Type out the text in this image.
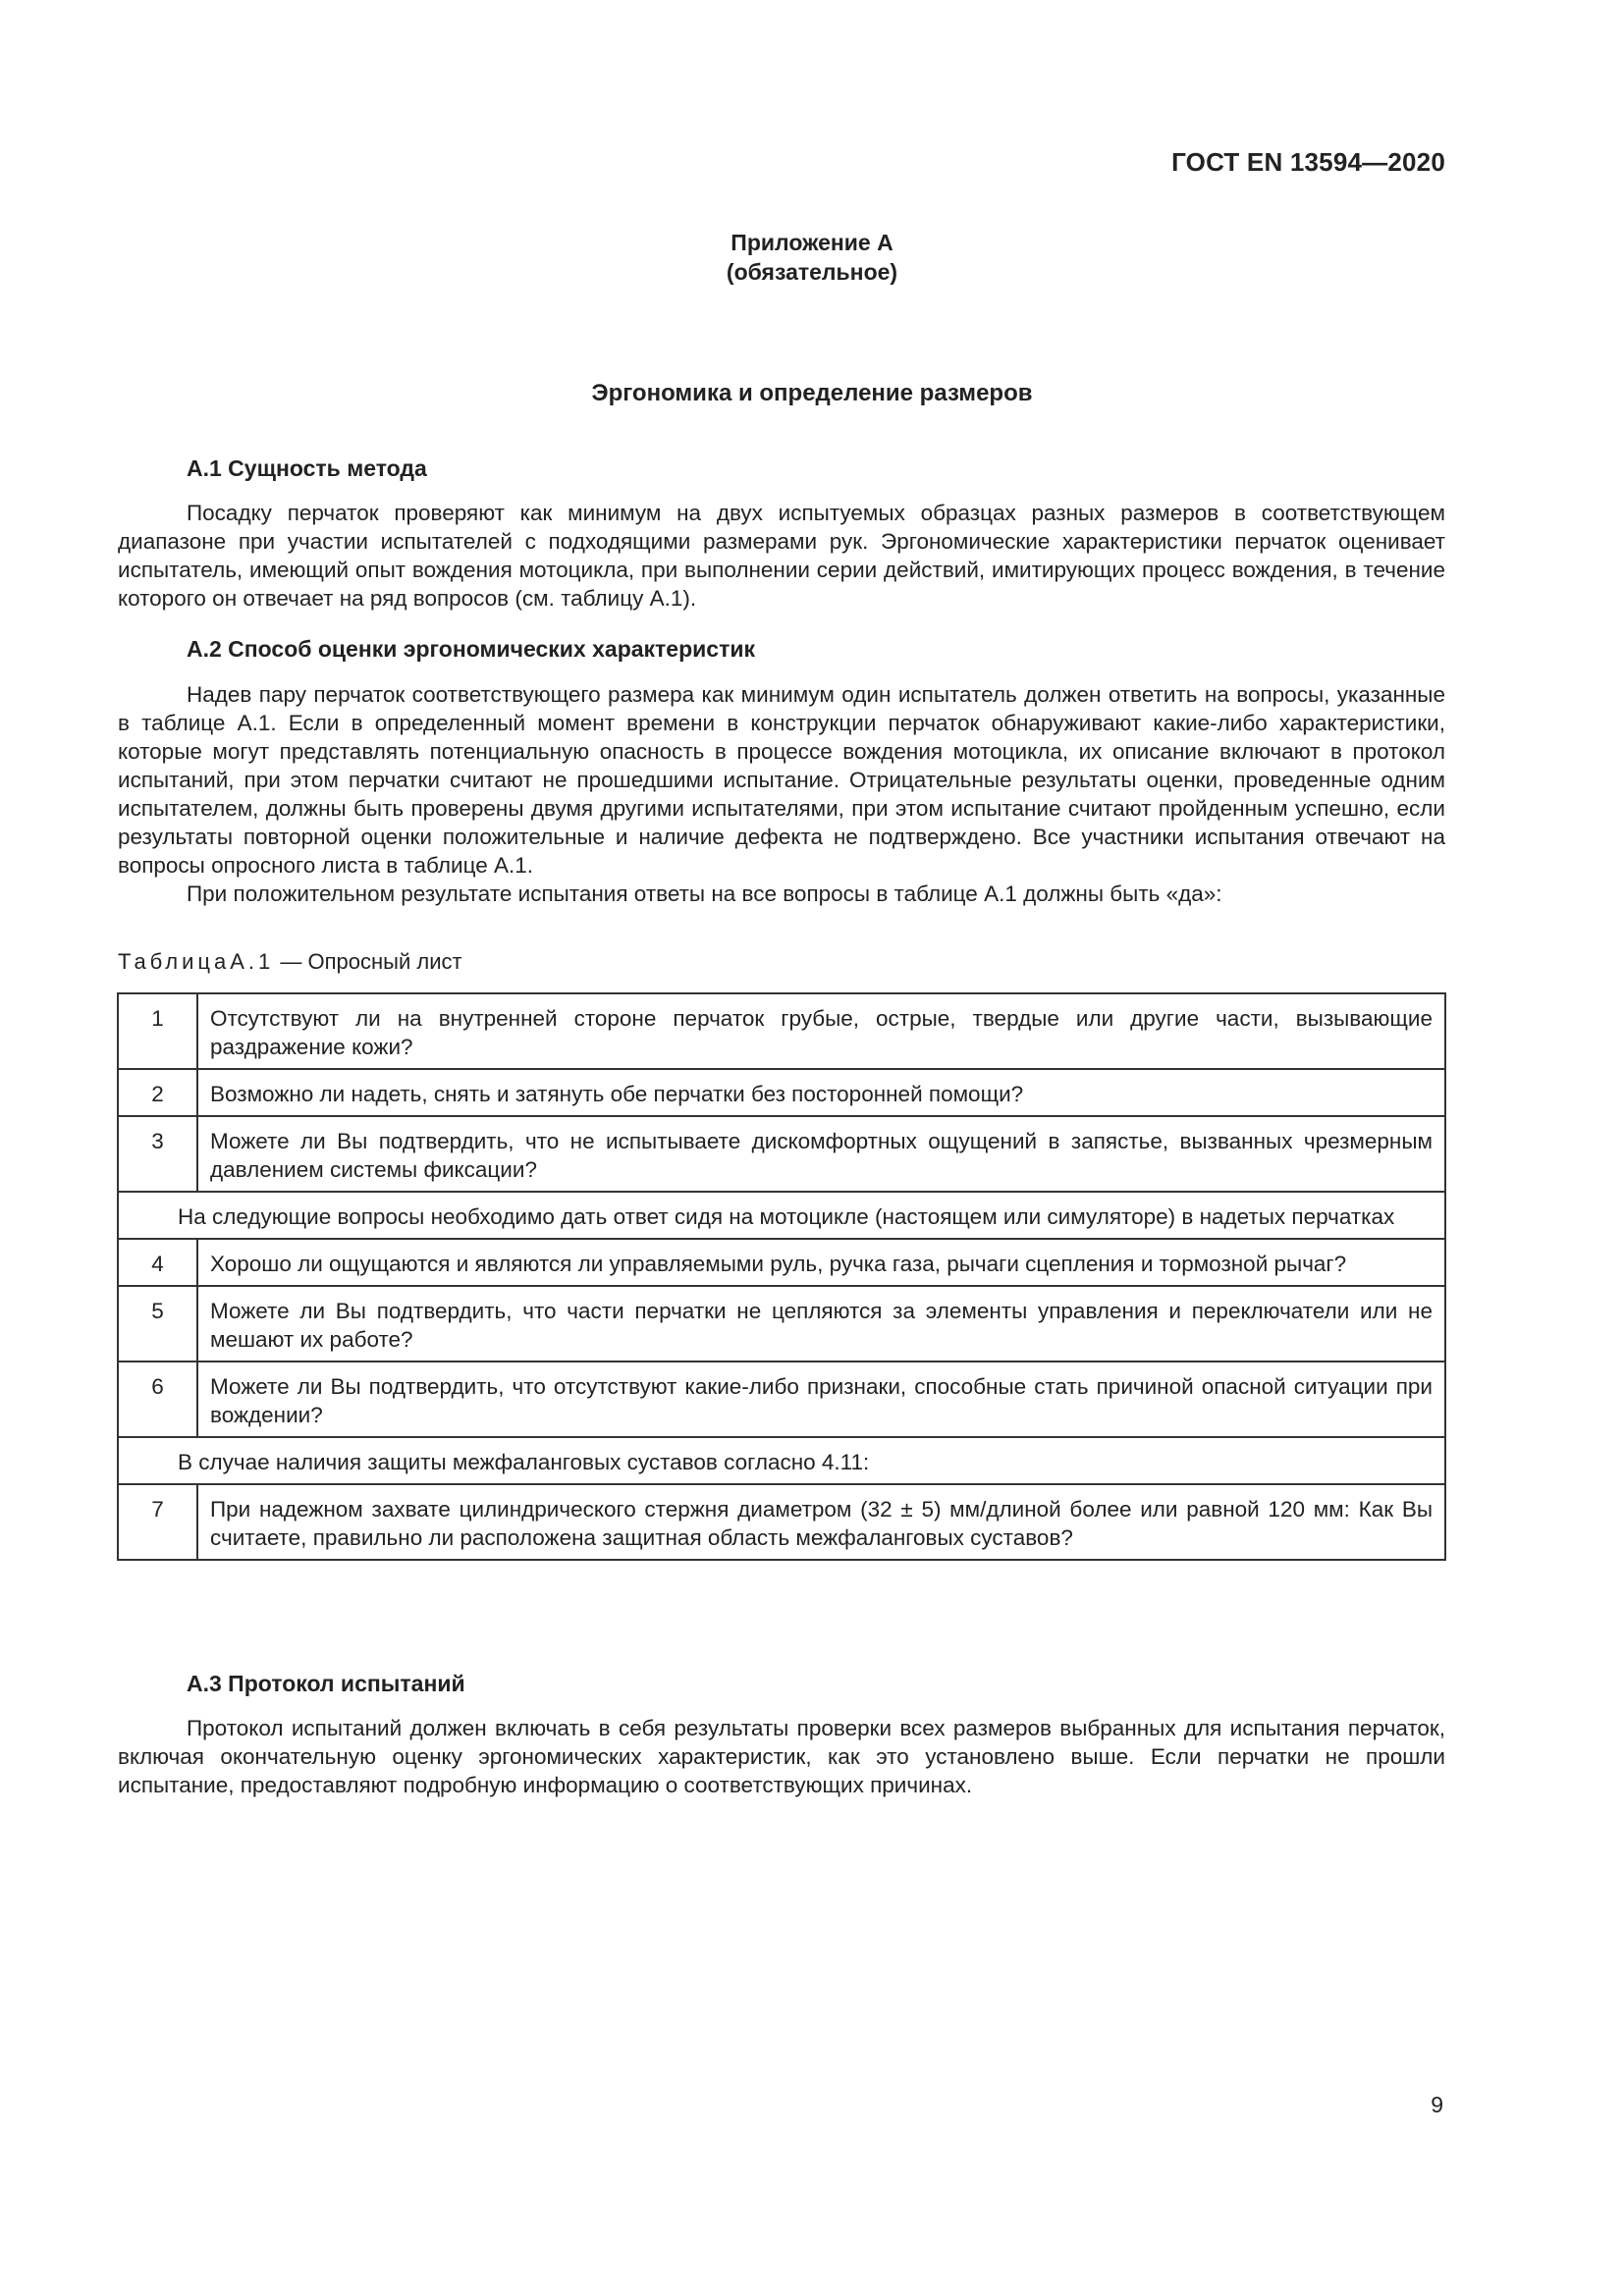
ГОСТ EN 13594—2020
Приложение А
(обязательное)
Эргономика и определение размеров
А.1 Сущность метода

Посадку перчаток проверяют как минимум на двух испытуемых образцах разных размеров в соответствующем диапазоне при участии испытателей с подходящими размерами рук. Эргономические характеристики перчаток оценивает испытатель, имеющий опыт вождения мотоцикла, при выполнении серии действий, имитирующих процесс вождения, в течение которого он отвечает на ряд вопросов (см. таблицу А.1).

А.2 Способ оценки эргономических характеристик

Надев пару перчаток соответствующего размера как минимум один испытатель должен ответить на вопросы, указанные в таблице А.1. Если в определенный момент времени в конструкции перчаток обнаруживают какие-либо характеристики, которые могут представлять потенциальную опасность в процессе вождения мотоцикла, их описание включают в протокол испытаний, при этом перчатки считают не прошедшими испытание. Отрицательные результаты оценки, проведенные одним испытателем, должны быть проверены двумя другими испытателями, при этом испытание считают пройденным успешно, если результаты повторной оценки положительные и наличие дефекта не подтверждено. Все участники испытания отвечают на вопросы опросного листа в таблице А.1.

При положительном результате испытания ответы на все вопросы в таблице А.1 должны быть «да»:

ТаблицаА.1 — Опросный лист
1	Отсутствуют ли на внутренней стороне перчаток грубые, острые, твердые или другие части, вызывающие раздражение кожи?
2	Возможно ли надеть, снять и затянуть обе перчатки без посторонней помощи?
3	Можете ли Вы подтвердить, что не испытываете дискомфортных ощущений в запястье, вызванных чрезмерным давлением системы фиксации?
На следующие вопросы необходимо дать ответ сидя на мотоцикле (настоящем или симуляторе) в надетых перчатках	
4	Хорошо ли ощущаются и являются ли управляемыми руль, ручка газа, рычаги сцепления и тормозной рычаг?
5	Можете ли Вы подтвердить, что части перчатки не цепляются за элементы управления и переключатели или не мешают их работе?
6	Можете ли Вы подтвердить, что отсутствуют какие-либо признаки, способные стать причиной опасной ситуации при вождении?
В случае наличия защиты межфаланговых суставов согласно 4.11:	
7	При надежном захвате цилиндрического стержня диаметром (32 ± 5) мм/длиной более или равной 120 мм: Как Вы считаете, правильно ли расположена защитная область межфаланговых суставов?
А.3 Протокол испытаний

Протокол испытаний должен включать в себя результаты проверки всех размеров выбранных для испытания перчаток, включая окончательную оценку эргономических характеристик, как это установлено выше. Если перчатки не прошли испытание, предоставляют подробную информацию о соответствующих причинах.

9
